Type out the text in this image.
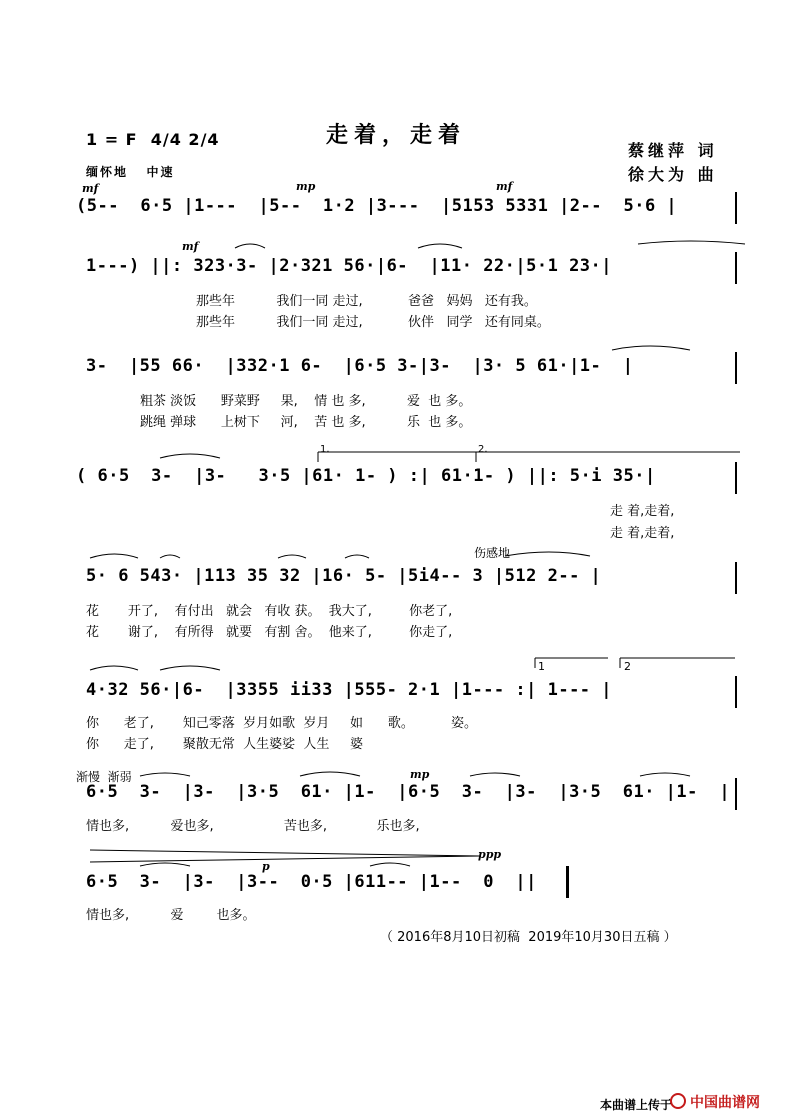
走着，走着
1 = F  4/4 2/4
蔡继萍 词
徐大为 曲
缅怀地   中速
mf	mp	mf
(5--  6·5 |1---  |5--  1·2 |3---  |5153 5331 |2--  5·6 |
mf
1---) ||: 323·3- |2·321 56·|6-  |11· 22·|5·1 23·|
那些年          我们一同 走过,           爸爸   妈妈   还有我。
那些年          我们一同 走过,           伙伴   同学   还有同桌。
3-  |55 66·  |332·1 6-  |6·5 3-|3-  |3· 5 61·|1-  |
粗茶 淡饭      野菜野     果,    情 也 多,          爱  也 多。
跳绳 弹球      上树下     河,    苦 也 多,          乐  也 多。
1.	2.
( 6·5  3-  |3-   3·5 |61· 1- ) :| 61·1- ) ||: 5·i 35·|
走 着,走着,
走 着,走着,
伤感地
5· 6 543· |113 35 32 |16· 5- |5i4-- 3 |512 2-- |
花       开了,    有付出   就会   有收 获。  我大了,         你老了,
花       谢了,    有所得   就要   有割 舍。  他来了,         你走了,
1	2
4·32 56·|6-  |3355 ii33 |555- 2·1 |1--- :| 1--- |
你      老了,       知己零落  岁月如歌  岁月     如      歌。         姿。
你      走了,       聚散无常  人生婆娑  人生     婆
渐慢  渐弱	mp
6·5  3-  |3-  |3·5  61· |1-  |6·5  3-  |3-  |3·5  61· |1-  |
情也多,          爱也多,                 苦也多,            乐也多,
p
ppp
6·5  3-  |3-  |3--  0·5 |611-- |1--  0  ||
情也多,          爱        也多。
（ 2016年8月10日初稿  2019年10月30日五稿 ）
本曲谱上传于 中国曲谱网
